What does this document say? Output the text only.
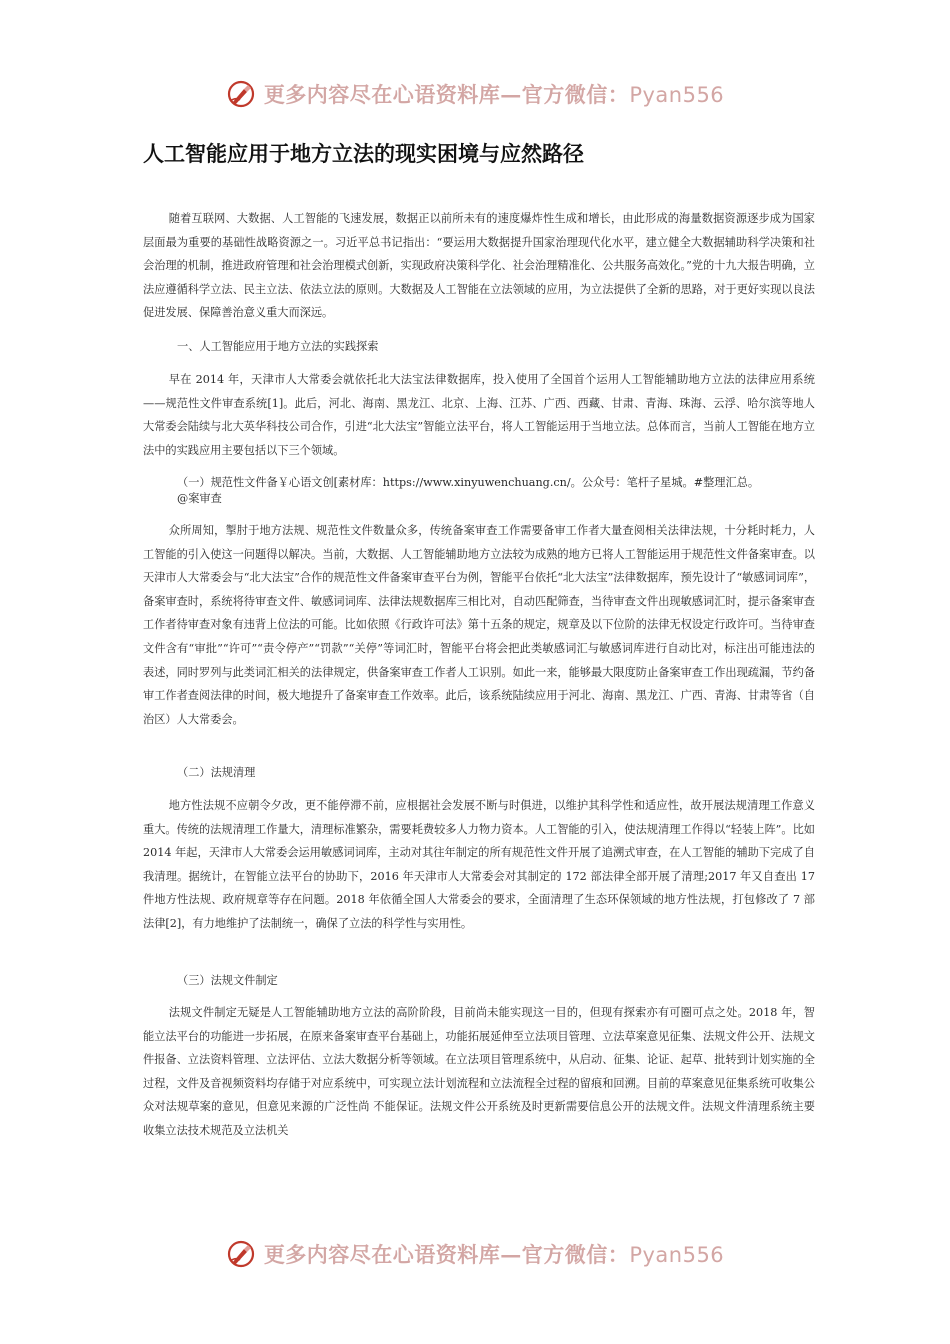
更多内容尽在心语资料库—官方微信：Pyan556
人工智能应用于地方立法的现实困境与应然路径

随着互联网、大数据、人工智能的飞速发展，数据正以前所未有的速度爆炸性生成和增长，由此形成的海量数据资源逐步成为国家层面最为重要的基础性战略资源之一。习近平总书记指出：“要运用大数据提升国家治理现代化水平，建立健全大数据辅助科学决策和社会治理的机制，推进政府管理和社会治理模式创新，实现政府决策科学化、社会治理精准化、公共服务高效化。”党的十九大报告明确，立法应遵循科学立法、民主立法、依法立法的原则。大数据及人工智能在立法领域的应用，为立法提供了全新的思路，对于更好实现以良法促进发展、保障善治意义重大而深远。

一、人工智能应用于地方立法的实践探索

早在 2014 年，天津市人大常委会就依托北大法宝法律数据库，投入使用了全国首个运用人工智能辅助地方立法的法律应用系统——规范性文件审查系统[1]。此后，河北、海南、黑龙江、北京、上海、江苏、广西、西藏、甘肃、青海、珠海、云浮、哈尔滨等地人大常委会陆续与北大英华科技公司合作，引进“北大法宝”智能立法平台，将人工智能运用于当地立法。总体而言，当前人工智能在地方立法中的实践应用主要包括以下三个领域。

（一）规范性文件备￥心语文创[素材库：https://www.xinyuwenchuang.cn/。公众号：笔杆子星城。#整理汇总。

@案审查

众所周知，掣肘于地方法规、规范性文件数量众多，传统备案审查工作需要备审工作者大量查阅相关法律法规，十分耗时耗力，人工智能的引入使这一问题得以解决。当前，大数据、人工智能辅助地方立法较为成熟的地方已将人工智能运用于规范性文件备案审查。以天津市人大常委会与“北大法宝”合作的规范性文件备案审查平台为例，智能平台依托“北大法宝”法律数据库，预先设计了“敏感词词库”，备案审查时，系统将待审查文件、敏感词词库、法律法规数据库三相比对，自动匹配筛查，当待审查文件出现敏感词汇时，提示备案审查工作者待审查对象有违背上位法的可能。比如依照《行政许可法》第十五条的规定，规章及以下位阶的法律无权设定行政许可。当待审查文件含有“审批”“许可”“责令停产”“罚款”“关停”等词汇时，智能平台将会把此类敏感词汇与敏感词库进行自动比对，标注出可能违法的表述，同时罗列与此类词汇相关的法律规定，供备案审查工作者人工识别。如此一来，能够最大限度防止备案审查工作出现疏漏，节约备审工作者查阅法律的时间，极大地提升了备案审查工作效率。此后，该系统陆续应用于河北、海南、黑龙江、广西、青海、甘肃等省（自治区）人大常委会。

（二）法规清理

地方性法规不应朝令夕改，更不能停滞不前，应根据社会发展不断与时俱进，以维护其科学性和适应性，故开展法规清理工作意义重大。传统的法规清理工作量大，清理标准繁杂，需要耗费较多人力物力资本。人工智能的引入，使法规清理工作得以“轻装上阵”。比如 2014 年起，天津市人大常委会运用敏感词词库，主动对其往年制定的所有规范性文件开展了追溯式审查，在人工智能的辅助下完成了自我清理。据统计，在智能立法平台的协助下，2016 年天津市人大常委会对其制定的 172 部法律全部开展了清理;2017 年又自查出 17 件地方性法规、政府规章等存在问题。2018 年依循全国人大常委会的要求，全面清理了生态环保领域的地方性法规，打包修改了 7 部法律[2]，有力地维护了法制统一，确保了立法的科学性与实用性。

（三）法规文件制定

法规文件制定无疑是人工智能辅助地方立法的高阶阶段，目前尚未能实现这一目的，但现有探索亦有可圈可点之处。2018 年，智能立法平台的功能进一步拓展，在原来备案审查平台基础上，功能拓展延伸至立法项目管理、立法草案意见征集、法规文件公开、法规文件报备、立法资料管理、立法评估、立法大数据分析等领域。在立法项目管理系统中，从启动、征集、论证、起草、批转到计划实施的全过程，文件及音视频资料均存储于对应系统中，可实现立法计划流程和立法流程全过程的留痕和回溯。目前的草案意见征集系统可收集公众对法规草案的意见，但意见来源的广泛性尚 不能保证。法规文件公开系统及时更新需要信息公开的法规文件。法规文件清理系统主要收集立法技术规范及立法机关

更多内容尽在心语资料库—官方微信：Pyan556
